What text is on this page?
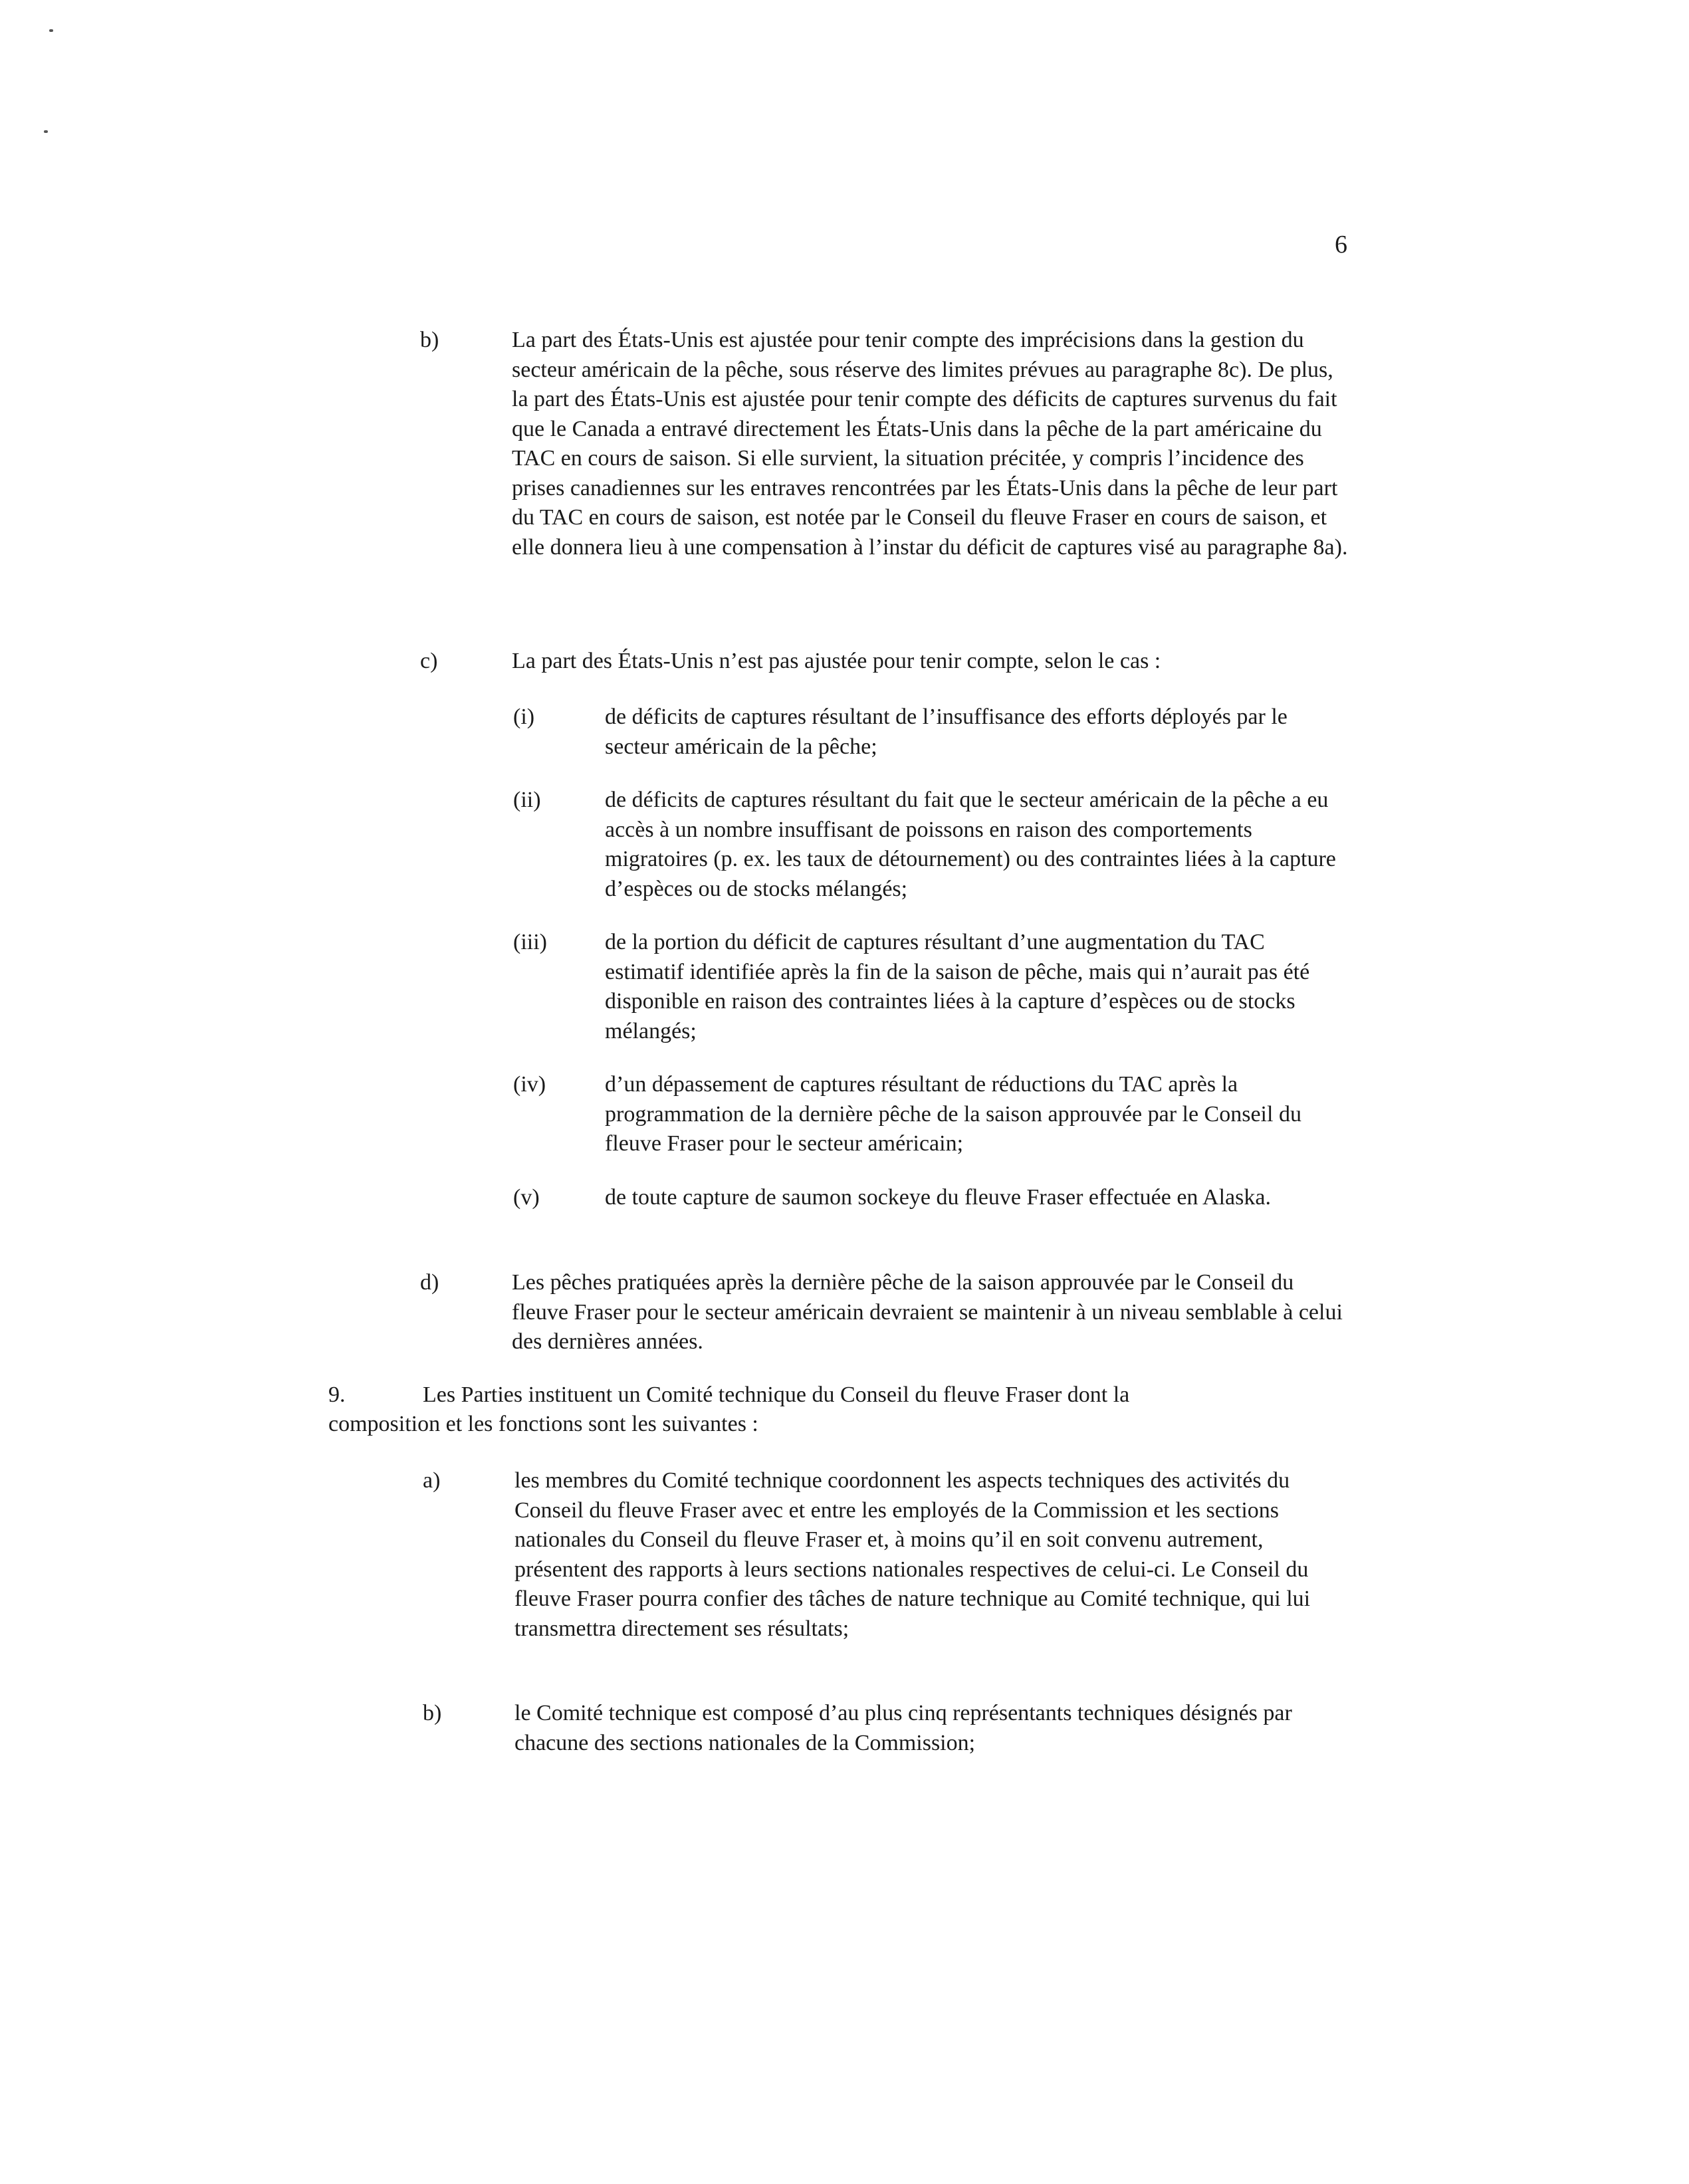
6
b)	La part des États-Unis est ajustée pour tenir compte des imprécisions dans la gestion du secteur américain de la pêche, sous réserve des limites prévues au paragraphe 8c). De plus, la part des États-Unis est ajustée pour tenir compte des déficits de captures survenus du fait que le Canada a entravé directement les États-Unis dans la pêche de la part américaine du TAC en cours de saison. Si elle survient, la situation précitée, y compris l’incidence des prises canadiennes sur les entraves rencontrées par les États-Unis dans la pêche de leur part du TAC en cours de saison, est notée par le Conseil du fleuve Fraser en cours de saison, et elle donnera lieu à une compensation à l’instar du déficit de captures visé au paragraphe 8a).
c)	La part des États-Unis n’est pas ajustée pour tenir compte, selon le cas :
(i)	de déficits de captures résultant de l’insuffisance des efforts déployés par le secteur américain de la pêche;
(ii)	de déficits de captures résultant du fait que le secteur américain de la pêche a eu accès à un nombre insuffisant de poissons en raison des comportements migratoires (p. ex. les taux de détournement) ou des contraintes liées à la capture d’espèces ou de stocks mélangés;
(iii)	de la portion du déficit de captures résultant d’une augmentation du TAC estimatif identifiée après la fin de la saison de pêche, mais qui n’aurait pas été disponible en raison des contraintes liées à la capture d’espèces ou de stocks mélangés;
(iv)	d’un dépassement de captures résultant de réductions du TAC après la programmation de la dernière pêche de la saison approuvée par le Conseil du fleuve Fraser pour le secteur américain;
(v)	de toute capture de saumon sockeye du fleuve Fraser effectuée en Alaska.
d)	Les pêches pratiquées après la dernière pêche de la saison approuvée par le Conseil du fleuve Fraser pour le secteur américain devraient se maintenir à un niveau semblable à celui des dernières années.
9.	Les Parties instituent un Comité technique du Conseil du fleuve Fraser dont la
composition et les fonctions sont les suivantes :
a)	les membres du Comité technique coordonnent les aspects techniques des activités du Conseil du fleuve Fraser avec et entre les employés de la Commission et les sections nationales du Conseil du fleuve Fraser et, à moins qu’il en soit convenu autrement, présentent des rapports à leurs sections nationales respectives de celui-ci. Le Conseil du fleuve Fraser pourra confier des tâches de nature technique au Comité technique, qui lui transmettra directement ses résultats;
b)	le Comité technique est composé d’au plus cinq représentants techniques désignés par chacune des sections nationales de la Commission;
